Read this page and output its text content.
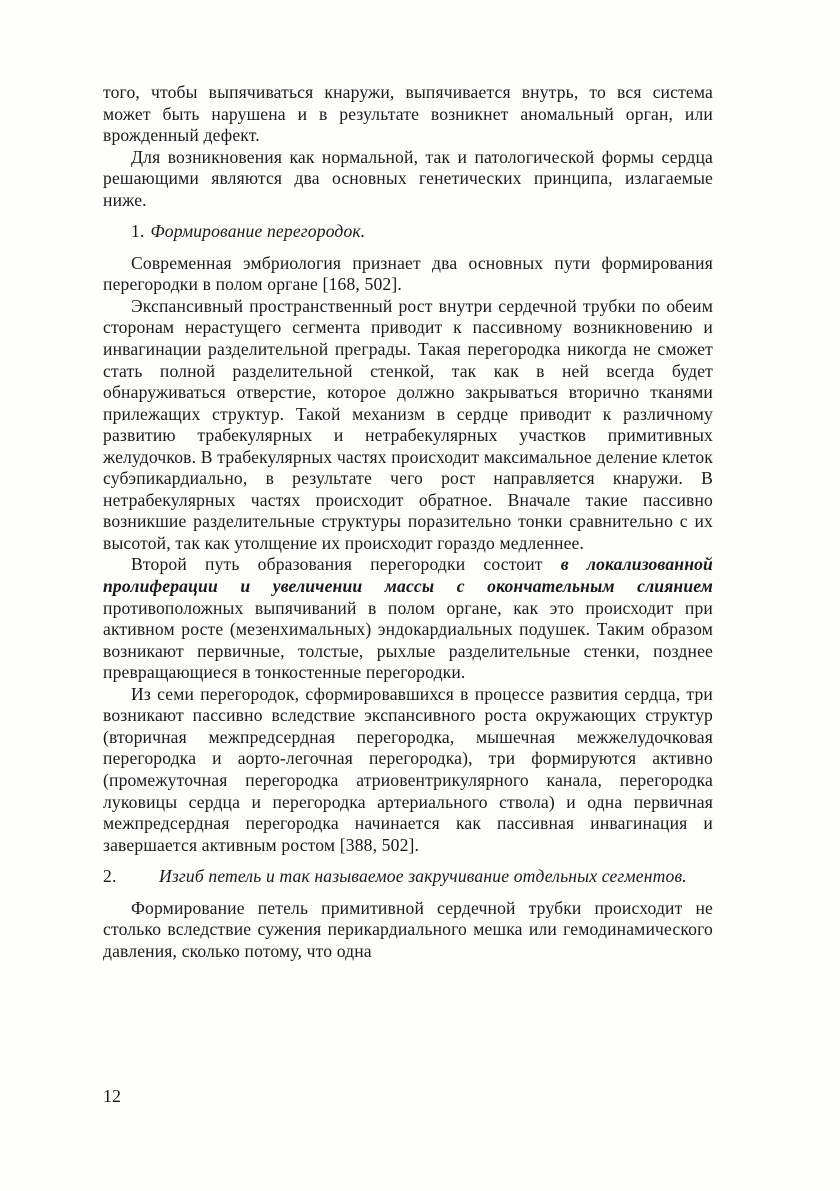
того, чтобы выпячиваться кнаружи, выпячивается внутрь, то вся система может быть нарушена и в результате возникнет аномальный орган, или врожденный дефект.

Для возникновения как нормальной, так и патологической формы сердца решающими являются два основных генетических принципа, излагаемые ниже.

1. Формирование перегородок.

Современная эмбриология признает два основных пути формирования перегородки в полом органе [168, 502].

Экспансивный пространственный рост внутри сердечной трубки по обеим сторонам нерастущего сегмента приводит к пассивному возникновению и инвагинации разделительной преграды. Такая перегородка никогда не сможет стать полной разделительной стенкой, так как в ней всегда будет обнаруживаться отверстие, которое должно закрываться вторично тканями прилежащих структур. Такой механизм в сердце приводит к различному развитию трабекулярных и нетрабекулярных участков примитивных желудочков. В трабекулярных частях происходит максимальное деление клеток субэпикардиально, в результате чего рост направляется кнаружи. В нетрабекулярных частях происходит обратное. Вначале такие пассивно возникшие разделительные структуры поразительно тонки сравнительно с их высотой, так как утолщение их происходит гораздо медленнее.

Второй путь образования перегородки состоит в локализованной пролиферации и увеличении массы с окончательным слиянием противоположных выпячиваний в полом органе, как это происходит при активном росте (мезенхимальных) эндокардиальных подушек. Таким образом возникают первичные, толстые, рыхлые разделительные стенки, позднее превращающиеся в тонкостенные перегородки.

Из семи перегородок, сформировавшихся в процессе развития сердца, три возникают пассивно вследствие экспансивного роста окружающих структур (вторичная межпредсердная перегородка, мышечная межжелудочковая перегородка и аорто-легочная перегородка), три формируются активно (промежуточная перегородка атриовентрикулярного канала, перегородка луковицы сердца и перегородка артериального ствола) и одна первичная межпредсердная перегородка начинается как пассивная инвагинация и завершается активным ростом [388, 502].

2. Изгиб петель и так называемое закручивание отдельных сегментов.

Формирование петель примитивной сердечной трубки происходит не столько вследствие сужения перикардиального мешка или гемодинамического давления, сколько потому, что одна

12
